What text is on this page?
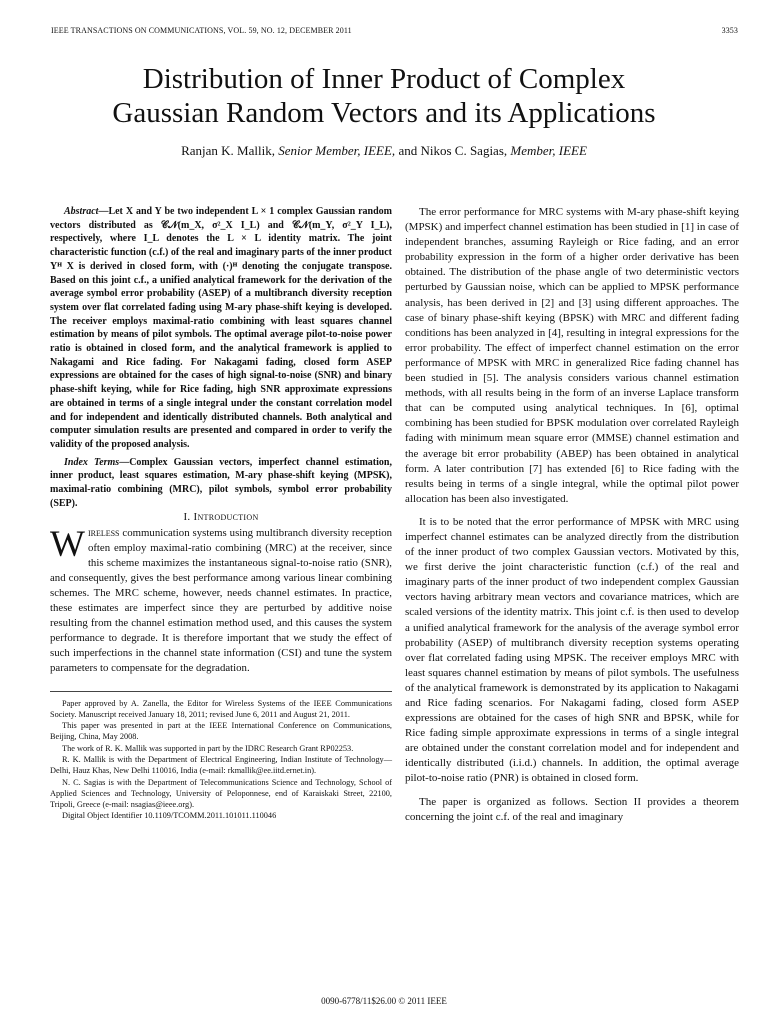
IEEE TRANSACTIONS ON COMMUNICATIONS, VOL. 59, NO. 12, DECEMBER 2011	3353
Distribution of Inner Product of Complex
Gaussian Random Vectors and its Applications
Ranjan K. Mallik, Senior Member, IEEE, and Nikos C. Sagias, Member, IEEE

Abstract—Let X and Y be two independent L × 1 complex Gaussian random vectors distributed as 𝒞𝒩(m_X, σ²_X I_L) and 𝒞𝒩(m_Y, σ²_Y I_L), respectively, where I_L denotes the L × L identity matrix. The joint characteristic function (c.f.) of the real and imaginary parts of the inner product Yᴴ X is derived in closed form, with (·)ᴴ denoting the conjugate transpose. Based on this joint c.f., a unified analytical framework for the derivation of the average symbol error probability (ASEP) of a multibranch diversity reception system over flat correlated fading using M-ary phase-shift keying is developed. The receiver employs maximal-ratio combining with least squares channel estimation by means of pilot symbols. The optimal average pilot-to-noise power ratio is obtained in closed form, and the analytical framework is applied to Nakagami and Rice fading. For Nakagami fading, closed form ASEP expressions are obtained for the cases of high signal-to-noise (SNR) and binary phase-shift keying, while for Rice fading, high SNR approximate expressions are obtained in terms of a single integral under the constant correlation model and for independent and identically distributed channels. Both analytical and computer simulation results are presented and compared in order to verify the validity of the proposed analysis.

Index Terms—Complex Gaussian vectors, imperfect channel estimation, inner product, least squares estimation, M-ary phase-shift keying (MPSK), maximal-ratio combining (MRC), pilot symbols, symbol error probability (SEP).

I. Introduction

Wireless communication systems using multibranch diversity reception often employ maximal-ratio combining (MRC) at the receiver, since this scheme maximizes the instantaneous signal-to-noise ratio (SNR), and consequently, gives the best performance among various linear combining schemes. The MRC scheme, however, needs channel estimates. In practice, these estimates are imperfect since they are perturbed by additive noise resulting from the channel estimation method used, and this causes the system performance to degrade. It is therefore important that we study the effect of such imperfections in the channel state information (CSI) and tune the system parameters to compensate for the degradation.

Paper approved by A. Zanella, the Editor for Wireless Systems of the IEEE Communications Society. Manuscript received January 18, 2011; revised June 6, 2011 and August 21, 2011.

This paper was presented in part at the IEEE International Conference on Communications, Beijing, China, May 2008.

The work of R. K. Mallik was supported in part by the IDRC Research Grant RP02253.

R. K. Mallik is with the Department of Electrical Engineering, Indian Institute of Technology—Delhi, Hauz Khas, New Delhi 110016, India (e-mail: rkmallik@ee.iitd.ernet.in).

N. C. Sagias is with the Department of Telecommunications Science and Technology, School of Applied Sciences and Technology, University of Peloponnese, end of Karaiskaki Street, 22100, Tripoli, Greece (e-mail: nsagias@ieee.org).

Digital Object Identifier 10.1109/TCOMM.2011.101011.110046

The error performance for MRC systems with M-ary phase-shift keying (MPSK) and imperfect channel estimation has been studied in [1] in case of independent branches, assuming Rayleigh or Rice fading, and an error probability expression in the form of a higher order derivative has been obtained. The distribution of the phase angle of two deterministic vectors perturbed by Gaussian noise, which can be applied to MPSK performance analysis, has been derived in [2] and [3] using different approaches. The case of binary phase-shift keying (BPSK) with MRC and different fading conditions has been analyzed in [4], resulting in integral expressions for the error probability. The effect of imperfect channel estimation on the error performance of MPSK with MRC in generalized Rice fading channel has been studied in [5]. The analysis considers various channel estimation methods, with all results being in the form of an inverse Laplace transform that can be computed using analytical techniques. In [6], optimal combining has been studied for BPSK modulation over correlated Rayleigh fading with minimum mean square error (MMSE) channel estimation and the average bit error probability (ABEP) has been obtained in analytical form. A later contribution [7] has extended [6] to Rice fading with the results being in terms of a single integral, while the optimal pilot power allocation has been also investigated.

It is to be noted that the error performance of MPSK with MRC using imperfect channel estimates can be analyzed directly from the distribution of the inner product of two complex Gaussian vectors. Motivated by this, we first derive the joint characteristic function (c.f.) of the real and imaginary parts of the inner product of two independent complex Gaussian vectors having arbitrary mean vectors and covariance matrices, which are scaled versions of the identity matrix. This joint c.f. is then used to develop a unified analytical framework for the analysis of the average symbol error probability (ASEP) of multibranch diversity reception systems operating over flat correlated fading using MPSK. The receiver employs MRC with least squares channel estimation by means of pilot symbols. The usefulness of the analytical framework is demonstrated by its application to Nakagami and Rice fading scenarios. For Nakagami fading, closed form ASEP expressions are obtained for the cases of high SNR and BPSK, while for Rice fading simple approximate expressions in terms of a single integral are obtained under the constant correlation model and for independent and identically distributed (i.i.d.) channels. In addition, the optimal average pilot-to-noise ratio (PNR) is obtained in closed form.

The paper is organized as follows. Section II provides a theorem concerning the joint c.f. of the real and imaginary

0090-6778/11$26.00 © 2011 IEEE
